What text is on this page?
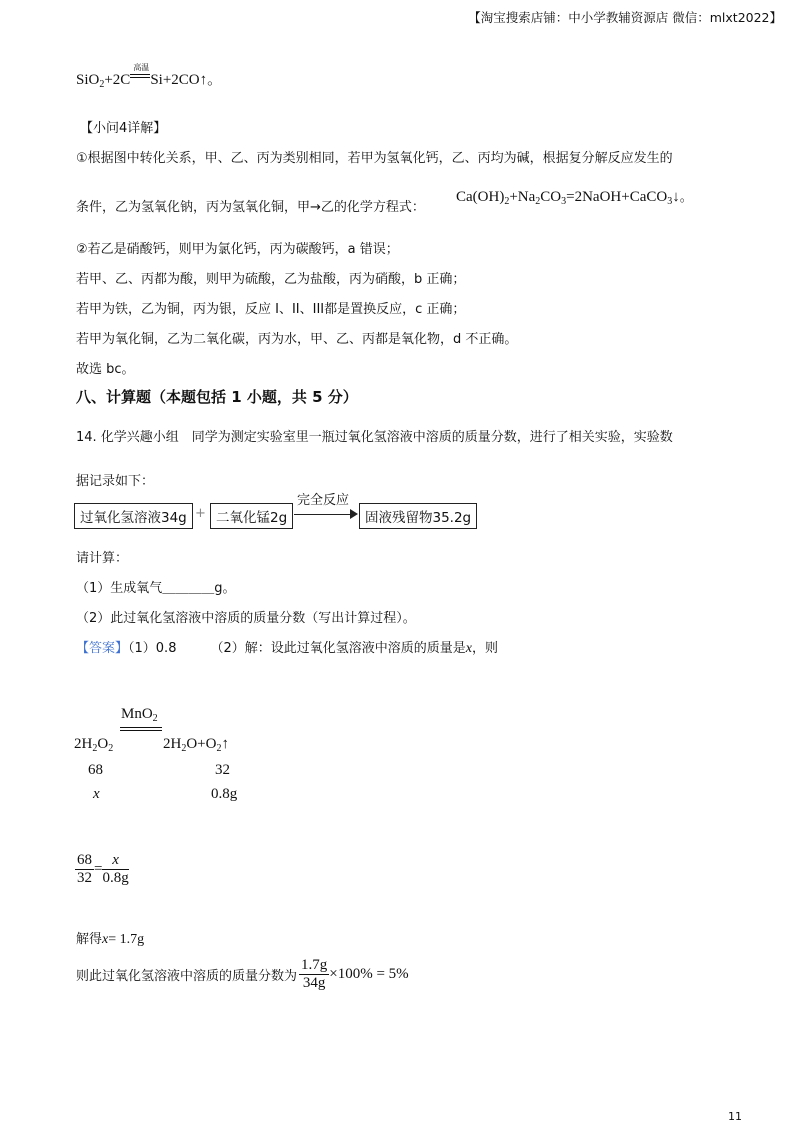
【淘宝搜索店铺：中小学教辅资源店 微信：mlxt2022】
SiO$_2$+2C
高温
Si+2CO↑。
【小问4详解】
①根据图中转化关系，甲、乙、丙为类别相同，若甲为氢氧化钙，乙、丙均为碱，根据复分解反应发生的
条件，乙为氢氧化钠，丙为氢氧化铜，甲→乙的化学方程式：
$Ca(OH)_2+Na_2CO_3=2NaOH+CaCO_3↓$。
②若乙是硝酸钙，则甲为氯化钙，丙为碳酸钙，a 错误；
若甲、乙、丙都为酸，则甲为硫酸，乙为盐酸，丙为硝酸，b 正确；
若甲为铁，乙为铜，丙为银，反应 I、II、III都是置换反应，c 正确；
若甲为氧化铜，乙为二氧化碳，丙为水，甲、乙、丙都是氧化物，d 不正确。
故选 bc。
八、计算题（本题包括 1 小题，共 5 分）
14. 化学兴趣小组　同学为测定实验室里一瓶过氧化氢溶液中溶质的质量分数，进行了相关实验，实验数
据记录如下：
过氧化氢溶液34g + 二氧化锰2g
完全反应
固液残留物35.2g
请计算：
（1）生成氧气＿＿＿＿g。
（2）此过氧化氢溶液中溶质的质量分数（写出计算过程）。
【答案】（1）0.8	（2）解：设此过氧化氢溶液中溶质的质量是x，则
MnO$_2$
$2H_2O_2$	$2H_2O+O_2↑$
68	32
x	0.8g
$\frac{68}{32} = \frac{x}{0.8g}$
解得x= 1.7g
则此过氧化氢溶液中溶质的质量分数为 $\frac{1.7g}{34g} \times 100\% = 5\%$
11
